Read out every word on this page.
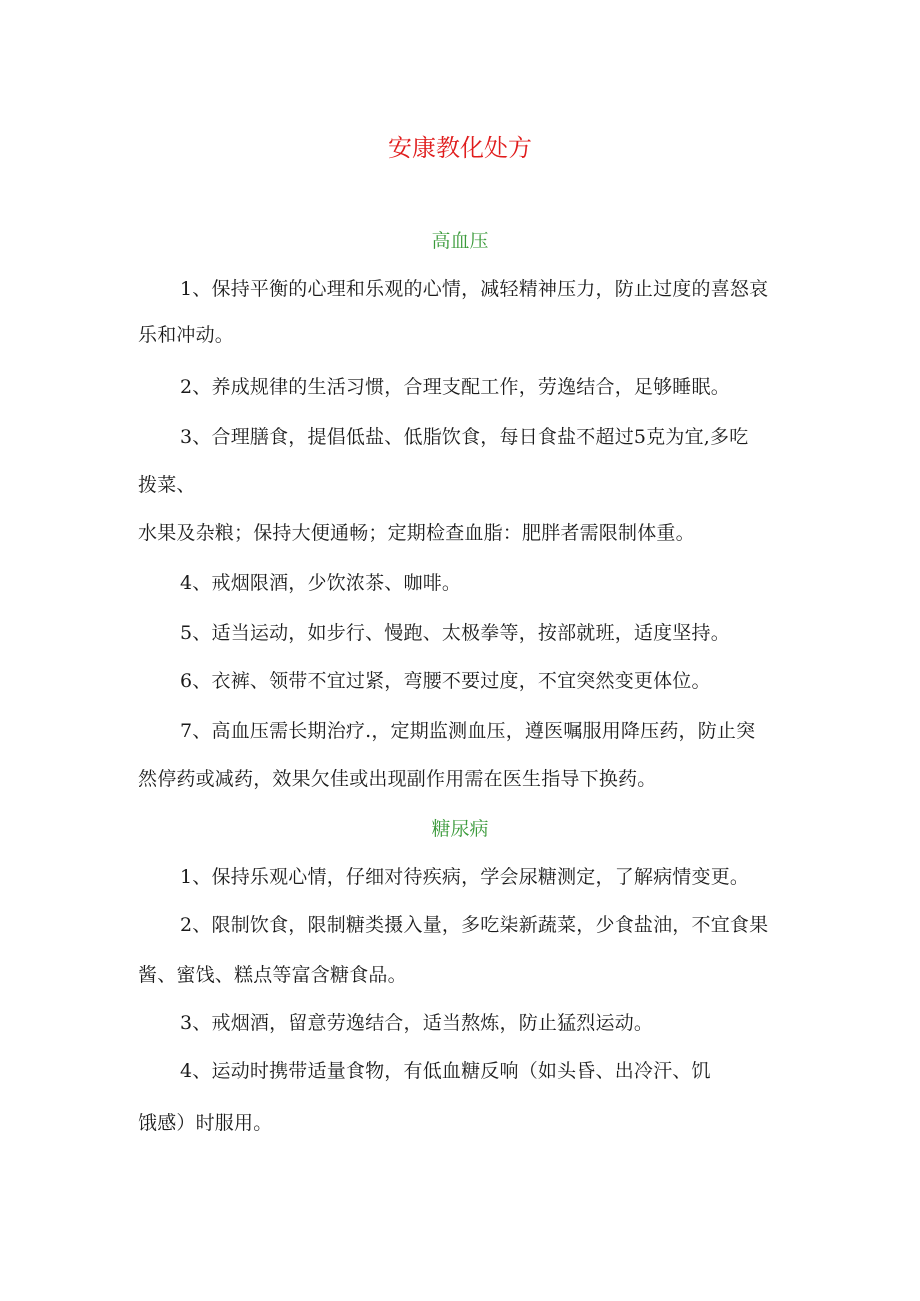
安康教化处方
高血压

1、保持平衡的心理和乐观的心情，减轻精神压力，防止过度的喜怒哀

乐和冲动。

2、养成规律的生活习惯，合理支配工作，劳逸结合，足够睡眠。

3、合理膳食，提倡低盐、低脂饮食，每日食盐不超过5克为宜,多吃

拨菜、

水果及杂粮；保持大便通畅；定期检查血脂：肥胖者需限制体重。

4、戒烟限酒，少饮浓茶、咖啡。

5、适当运动，如步行、慢跑、太极拳等，按部就班，适度坚持。

6、衣裤、领带不宜过紧，弯腰不要过度，不宜突然变更体位。

7、高血压需长期治疗.，定期监测血压，遵医嘱服用降压药，防止突

然停药或减药，效果欠佳或出现副作用需在医生指导下换药。

糖尿病

1、保持乐观心情，仔细对待疾病，学会尿糖测定，了解病情变更。

2、限制饮食，限制糖类摄入量，多吃柒新蔬菜，少食盐油，不宜食果

酱、蜜饯、糕点等富含糖食品。

3、戒烟酒，留意劳逸结合，适当熬炼，防止猛烈运动。

4、运动时携带适量食物，有低血糖反响（如头昏、出冷汗、饥

饿感）时服用。
